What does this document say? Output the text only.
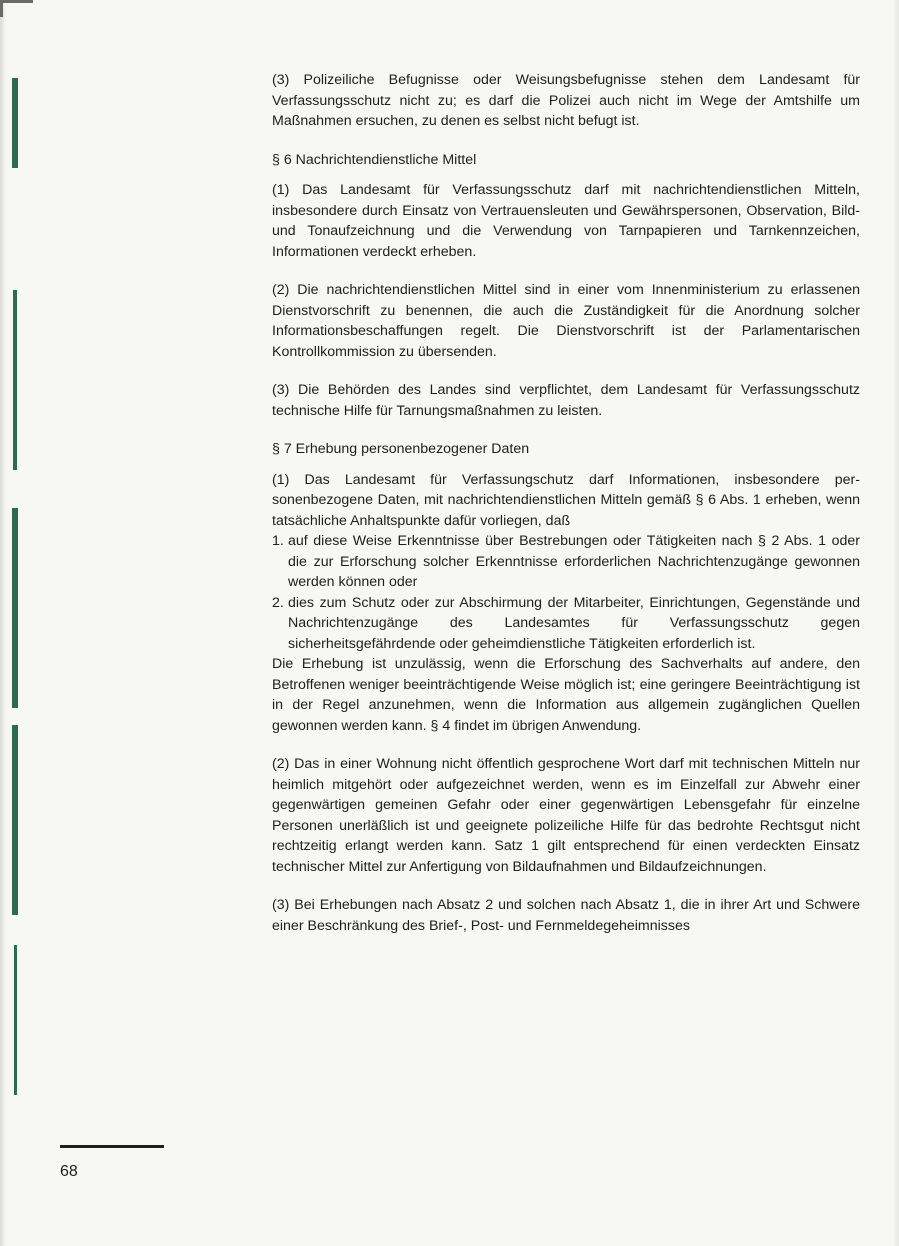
(3) Polizeiliche Befugnisse oder Weisungsbefugnisse stehen dem Landesamt für Verfassungsschutz nicht zu; es darf die Polizei auch nicht im Wege der Amtshilfe um Maßnahmen ersuchen, zu denen es selbst nicht befugt ist.

§ 6 Nachrichtendienstliche Mittel

(1) Das Landesamt für Verfassungsschutz darf mit nachrichtendienstlichen Mitteln, insbesondere durch Einsatz von Vertrauensleuten und Gewährspersonen, Observation, Bild- und Tonaufzeichnung und die Verwendung von Tarnpapieren und Tarnkennzeichen, Informationen verdeckt erheben.

(2) Die nachrichtendienstlichen Mittel sind in einer vom Innenministerium zu erlassenen Dienstvorschrift zu benennen, die auch die Zuständigkeit für die Anordnung solcher Informationsbeschaffungen regelt. Die Dienstvorschrift ist der Parlamentarischen Kontrollkommission zu übersenden.

(3) Die Behörden des Landes sind verpflichtet, dem Landesamt für Verfassungsschutz technische Hilfe für Tarnungsmaßnahmen zu leisten.

§ 7 Erhebung personenbezogener Daten

(1) Das Landesamt für Verfassungschutz darf Informationen, insbesondere personenbezogene Daten, mit nachrichtendienstlichen Mitteln gemäß § 6 Abs. 1 erheben, wenn tatsächliche Anhaltspunkte dafür vorliegen, daß

1. auf diese Weise Erkenntnisse über Bestrebungen oder Tätigkeiten nach § 2 Abs. 1 oder die zur Erforschung solcher Erkenntnisse erforderlichen Nachrichtenzugänge gewonnen werden können oder
2. dies zum Schutz oder zur Abschirmung der Mitarbeiter, Einrichtungen, Gegenstände und Nachrichtenzugänge des Landesamtes für Verfassungsschutz gegen sicherheitsgefährdende oder geheimdienstliche Tätigkeiten erforderlich ist.

Die Erhebung ist unzulässig, wenn die Erforschung des Sachverhalts auf andere, den Betroffenen weniger beeinträchtigende Weise möglich ist; eine geringere Beeinträchtigung ist in der Regel anzunehmen, wenn die Information aus allgemein zugänglichen Quellen gewonnen werden kann. § 4 findet im übrigen Anwendung.

(2) Das in einer Wohnung nicht öffentlich gesprochene Wort darf mit technischen Mitteln nur heimlich mitgehört oder aufgezeichnet werden, wenn es im Einzelfall zur Abwehr einer gegenwärtigen gemeinen Gefahr oder einer gegenwärtigen Lebensgefahr für einzelne Personen unerläßlich ist und geeignete polizeiliche Hilfe für das bedrohte Rechtsgut nicht rechtzeitig erlangt werden kann. Satz 1 gilt entsprechend für einen verdeckten Einsatz technischer Mittel zur Anfertigung von Bildaufnahmen und Bildaufzeichnungen.

(3) Bei Erhebungen nach Absatz 2 und solchen nach Absatz 1, die in ihrer Art und Schwere einer Beschränkung des Brief-, Post- und Fernmeldegeheimnisses

68
